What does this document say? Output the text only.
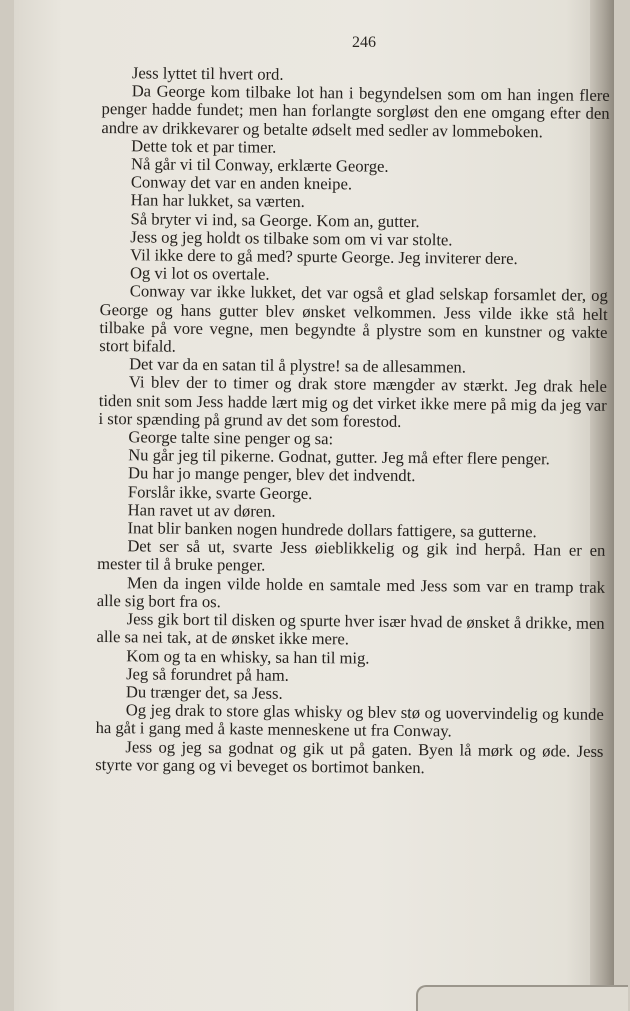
246

Jess lyttet til hvert ord.

Da George kom tilbake lot han i begyndelsen som om han ingen flere penger hadde fundet; men han forlangte sorgløst den ene omgang efter den andre av drikkevarer og betalte ødselt med sedler av lommeboken.

Dette tok et par timer.

Nå går vi til Conway, erklærte George.

Conway det var en anden kneipe.

Han har lukket, sa værten.

Så bryter vi ind, sa George. Kom an, gutter.

Jess og jeg holdt os tilbake som om vi var stolte.

Vil ikke dere to gå med? spurte George. Jeg inviterer dere.

Og vi lot os overtale.

Conway var ikke lukket, det var også et glad selskap forsamlet der, og George og hans gutter blev ønsket velkommen. Jess vilde ikke stå helt tilbake på vore vegne, men begyndte å plystre som en kunstner og vakte stort bifald.

Det var da en satan til å plystre! sa de allesammen.

Vi blev der to timer og drak store mængder av stærkt. Jeg drak hele tiden snit som Jess hadde lært mig og det virket ikke mere på mig da jeg var i stor spænding på grund av det som forestod.

George talte sine penger og sa:

Nu går jeg til pikerne. Godnat, gutter. Jeg må efter flere penger.

Du har jo mange penger, blev det indvendt.

Forslår ikke, svarte George.

Han ravet ut av døren.

Inat blir banken nogen hundrede dollars fattigere, sa gutterne.

Det ser så ut, svarte Jess øieblikkelig og gik ind herpå. Han er en mester til å bruke penger.

Men da ingen vilde holde en samtale med Jess som var en tramp trak alle sig bort fra os.

Jess gik bort til disken og spurte hver især hvad de ønsket å drikke, men alle sa nei tak, at de ønsket ikke mere.

Kom og ta en whisky, sa han til mig.

Jeg så forundret på ham.

Du trænger det, sa Jess.

Og jeg drak to store glas whisky og blev stø og uovervindelig og kunde ha gåt i gang med å kaste menneskene ut fra Conway.

Jess og jeg sa godnat og gik ut på gaten. Byen lå mørk og øde. Jess styrte vor gang og vi beveget os bortimot banken.
